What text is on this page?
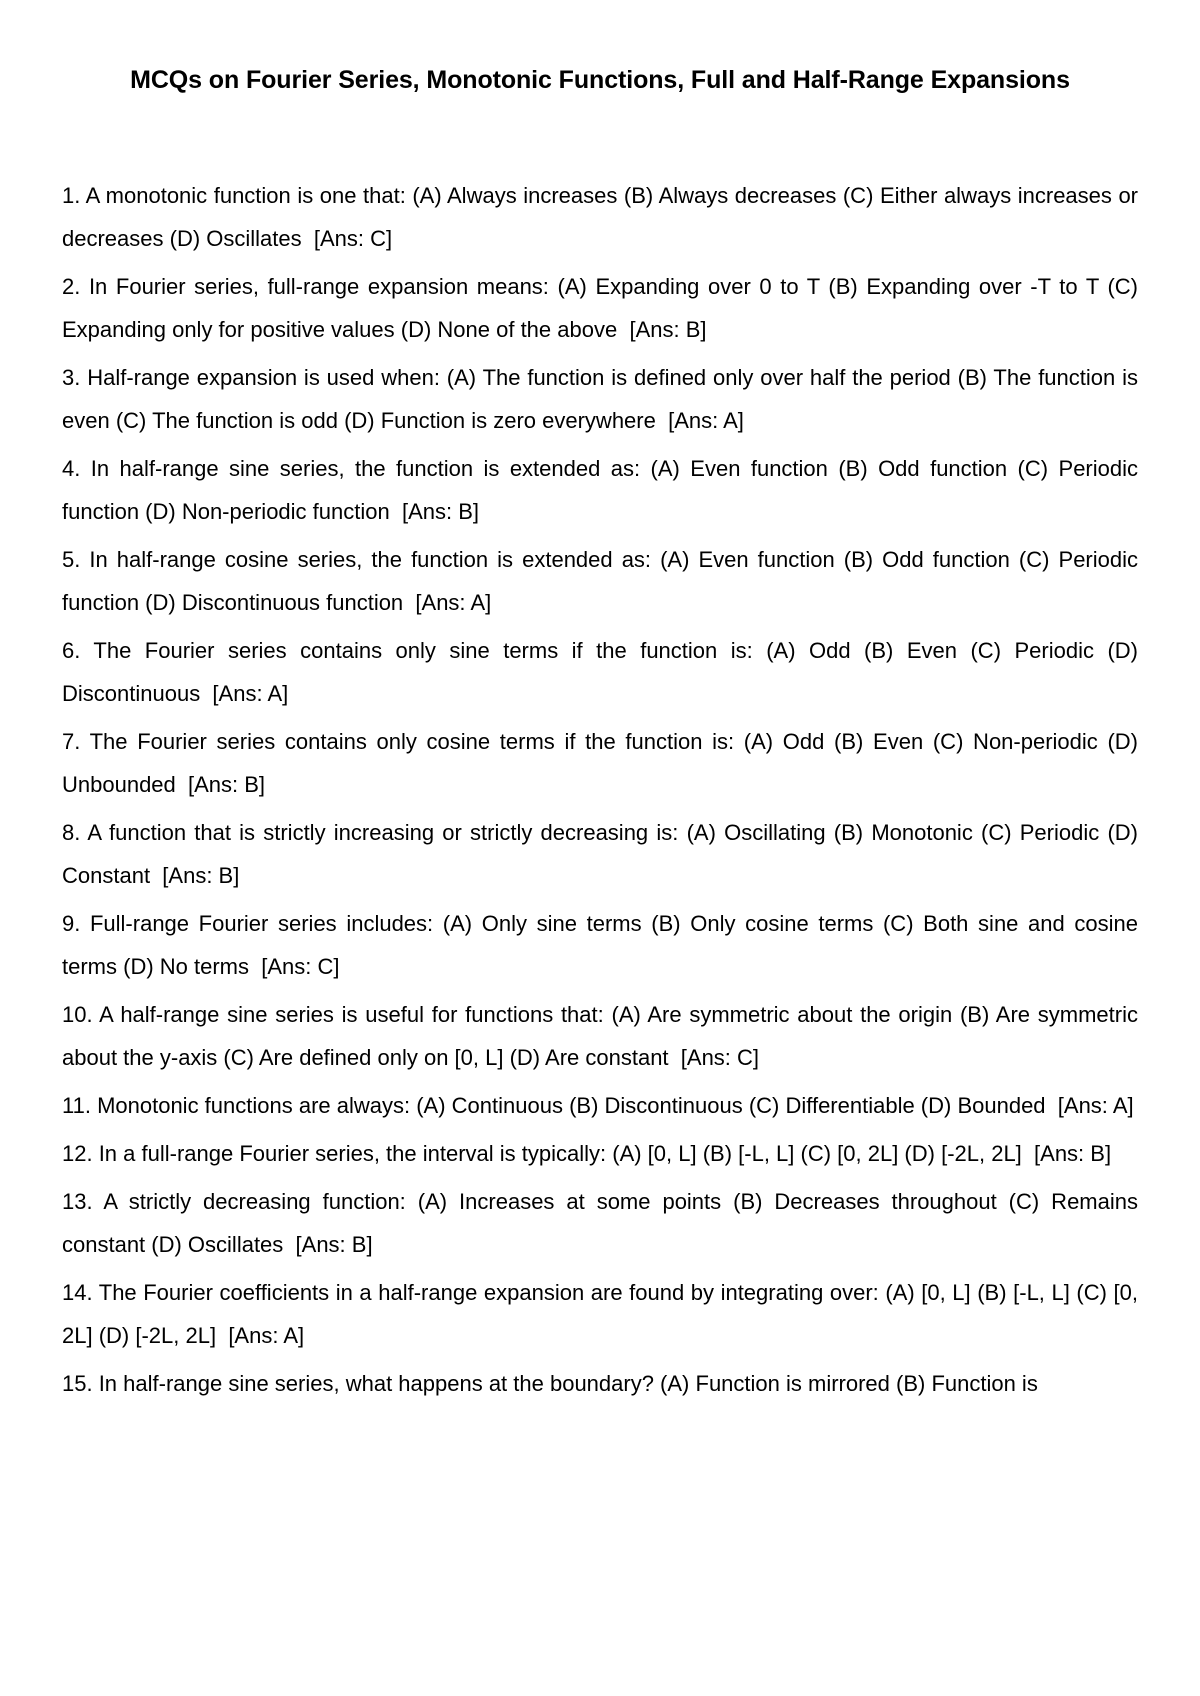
MCQs on Fourier Series, Monotonic Functions, Full and Half-Range Expansions
1. A monotonic function is one that: (A) Always increases (B) Always decreases (C) Either always increases or decreases (D) Oscillates [Ans: C]
2. In Fourier series, full-range expansion means: (A) Expanding over 0 to T (B) Expanding over -T to T (C) Expanding only for positive values (D) None of the above [Ans: B]
3. Half-range expansion is used when: (A) The function is defined only over half the period (B) The function is even (C) The function is odd (D) Function is zero everywhere [Ans: A]
4. In half-range sine series, the function is extended as: (A) Even function (B) Odd function (C) Periodic function (D) Non-periodic function [Ans: B]
5. In half-range cosine series, the function is extended as: (A) Even function (B) Odd function (C) Periodic function (D) Discontinuous function [Ans: A]
6. The Fourier series contains only sine terms if the function is: (A) Odd (B) Even (C) Periodic (D) Discontinuous [Ans: A]
7. The Fourier series contains only cosine terms if the function is: (A) Odd (B) Even (C) Non-periodic (D) Unbounded [Ans: B]
8. A function that is strictly increasing or strictly decreasing is: (A) Oscillating (B) Monotonic (C) Periodic (D) Constant [Ans: B]
9. Full-range Fourier series includes: (A) Only sine terms (B) Only cosine terms (C) Both sine and cosine terms (D) No terms [Ans: C]
10. A half-range sine series is useful for functions that: (A) Are symmetric about the origin (B) Are symmetric about the y-axis (C) Are defined only on [0, L] (D) Are constant [Ans: C]
11. Monotonic functions are always: (A) Continuous (B) Discontinuous (C) Differentiable (D) Bounded [Ans: A]
12. In a full-range Fourier series, the interval is typically: (A) [0, L] (B) [-L, L] (C) [0, 2L] (D) [-2L, 2L] [Ans: B]
13. A strictly decreasing function: (A) Increases at some points (B) Decreases throughout (C) Remains constant (D) Oscillates [Ans: B]
14. The Fourier coefficients in a half-range expansion are found by integrating over: (A) [0, L] (B) [-L, L] (C) [0, 2L] (D) [-2L, 2L] [Ans: A]
15. In half-range sine series, what happens at the boundary? (A) Function is mirrored (B) Function is
